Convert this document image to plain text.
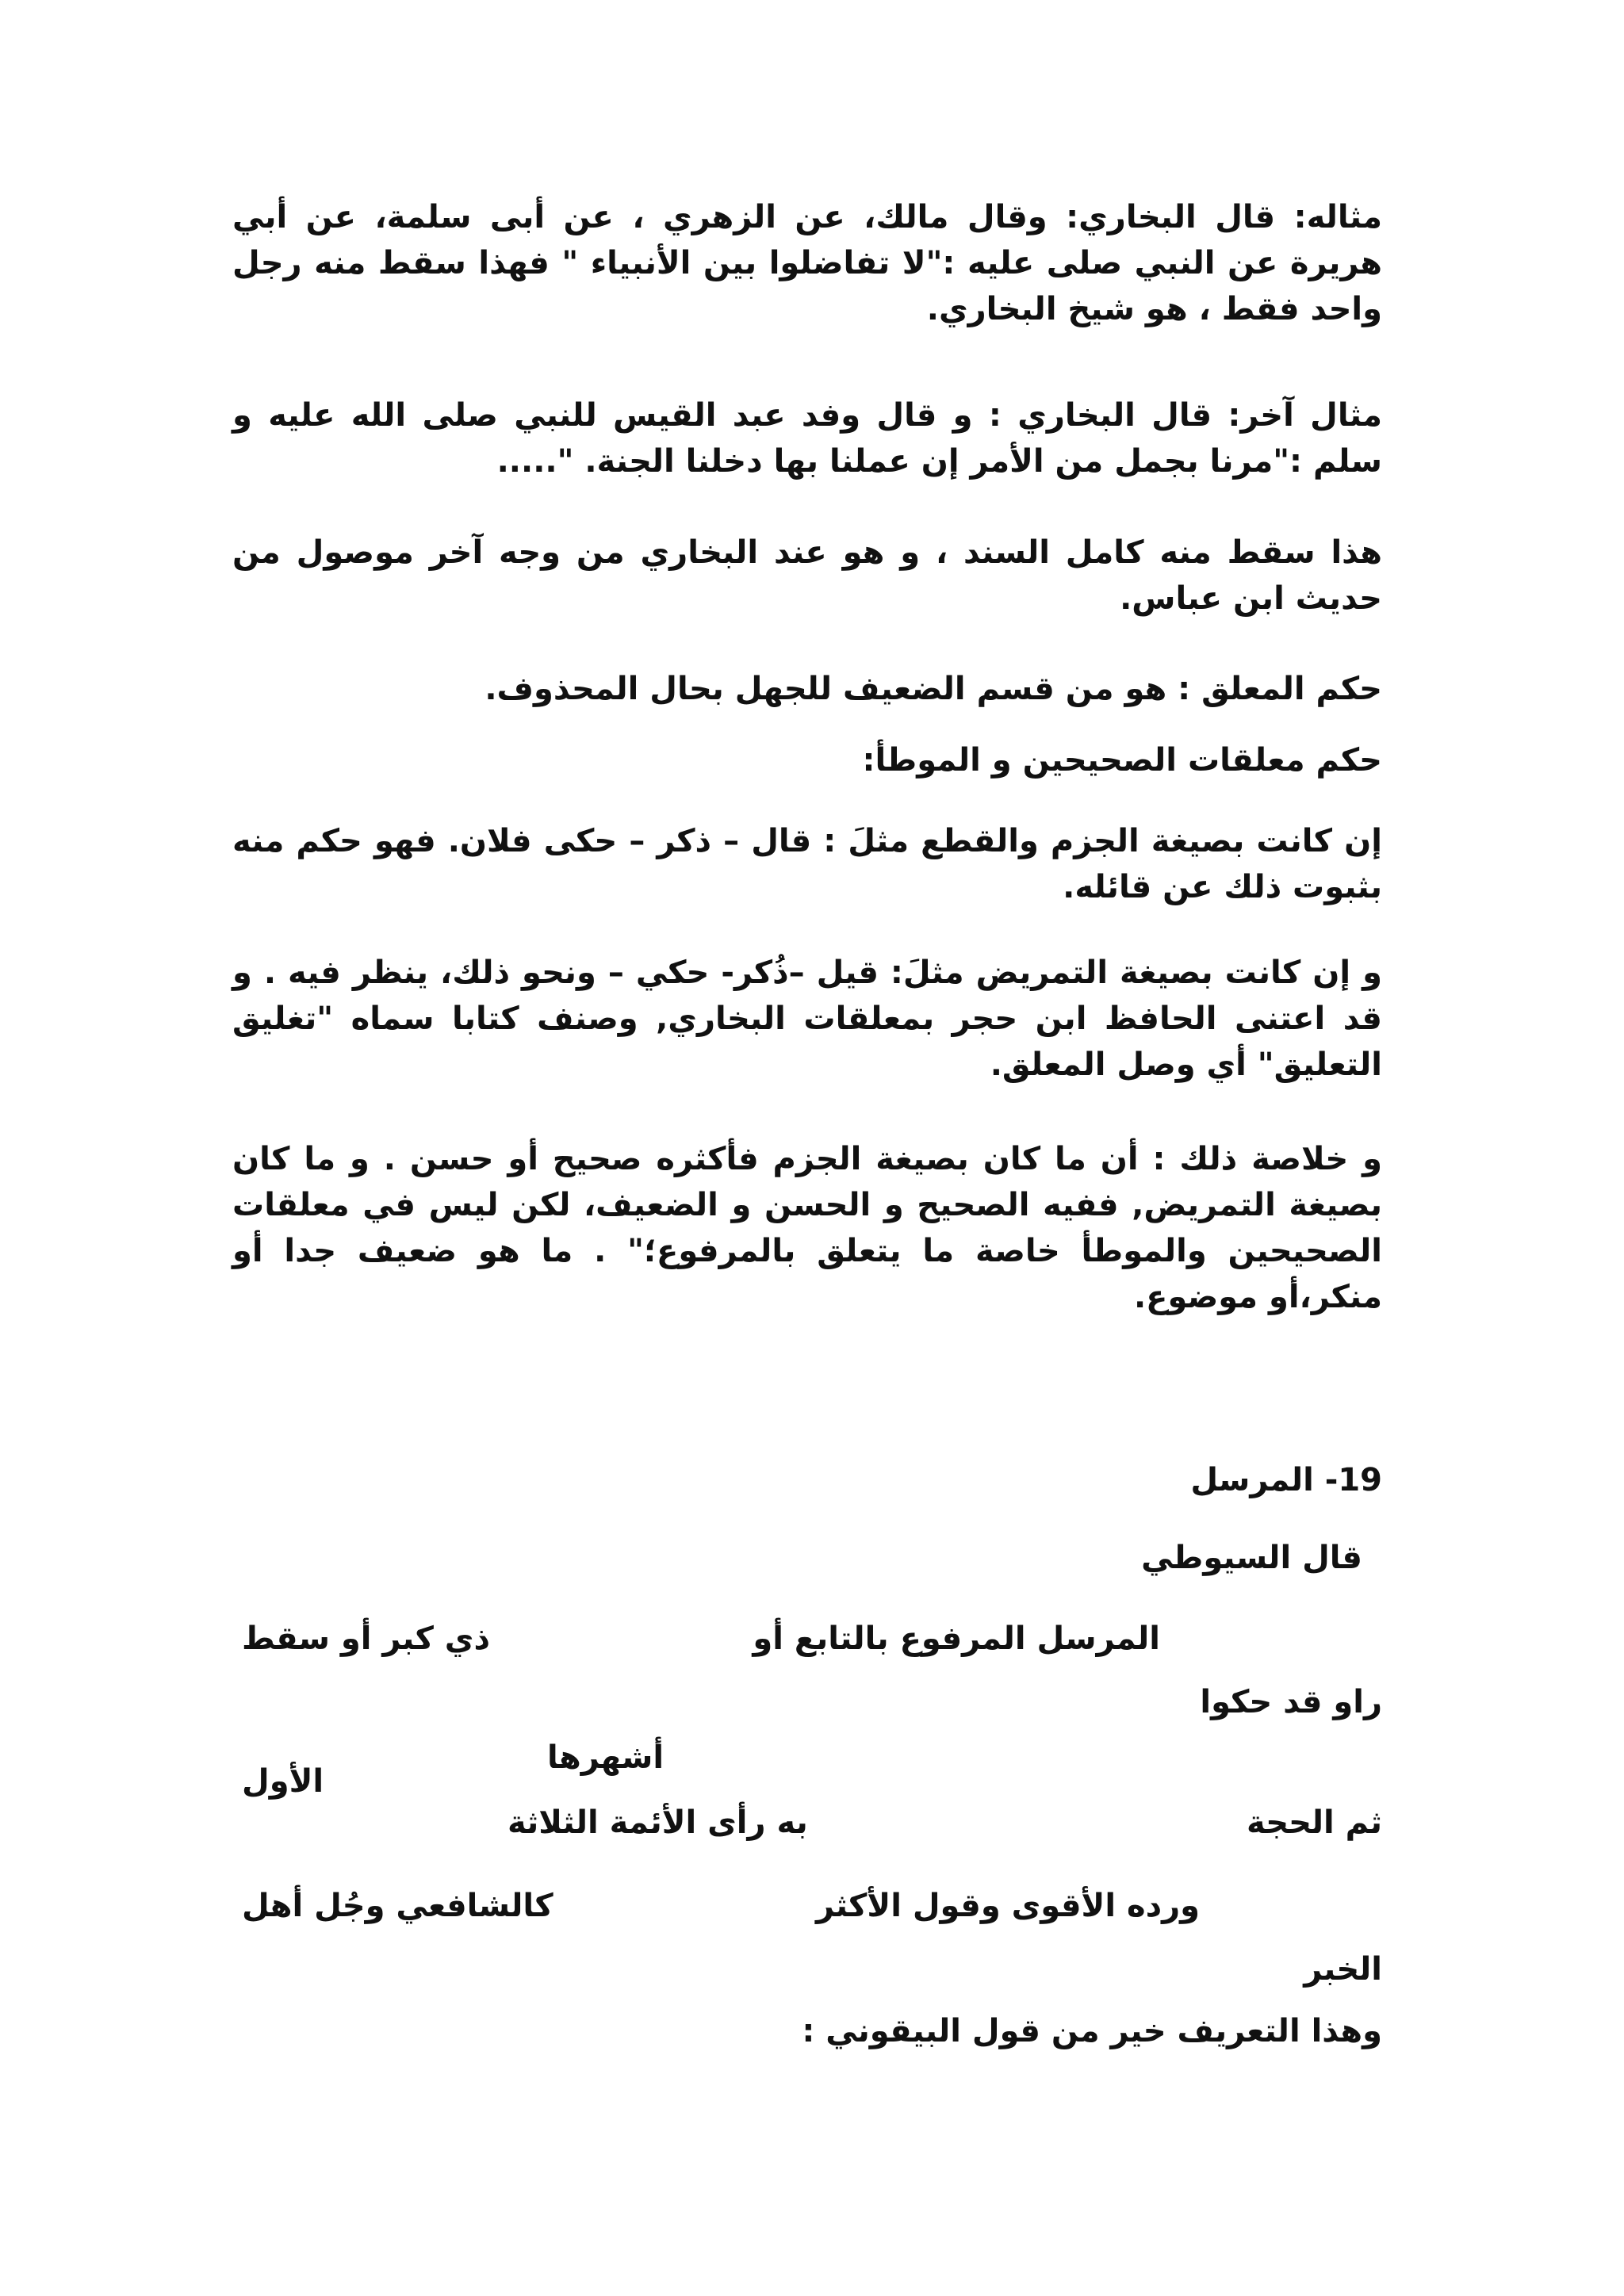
مثاله: قال البخاري: وقال مالك، عن الزهري ، عن أبى سلمة، عن أبي هريرة عن النبي صلى عليه :"لا تفاضلوا بين الأنبياء " فهذا سقط منه رجل واحد فقط ، هو شيخ البخاري.

مثال آخر: قال البخاري : و قال وفد عبد القيس للنبي صلى الله عليه و سلم :"مرنا بجمل من الأمر إن عملنا بها دخلنا الجنة. ".....

هذا سقط منه كامل السند ، و هو عند البخاري من وجه آخر موصول من حديث ابن عباس.

حكم المعلق : هو من قسم الضعيف للجهل بحال المحذوف.

حكم معلقات الصحيحين و الموطأ:

إن كانت بصيغة الجزم والقطع مثلَ : قال – ذكر – حكى فلان. فهو حكم منه بثبوت ذلك عن قائله.

و إن كانت بصيغة التمريض مثلَ: قيل –ذُكر- حكي – ونحو ذلك، ينظر فيه . و قد اعتنى الحافظ ابن حجر بمعلقات البخاري, وصنف كتابا سماه "تغليق التعليق" أي وصل المعلق.

و خلاصة ذلك : أن ما كان بصيغة الجزم فأكثره صحيح أو حسن . و ما كان بصيغة التمريض, ففيه الصحيح و الحسن و الضعيف، لكن ليس في معلقات الصحيحين والموطأ خاصة ما يتعلق بالمرفوع؛" . ما هو ضعيف جدا أو منكر،أو موضوع.

19- المرسل
قال السيوطي
المرسل المرفوع بالتابع أو
ذي كبر أو سقط
راو قد حكوا
أشهرها
الأول
ثم الحجة
به رأى الأئمة الثلاثة
ورده الأقوى وقول الأكثر
كالشافعي وجُل أهل
الخبر
وهذا التعريف خير من قول البيقوني :
